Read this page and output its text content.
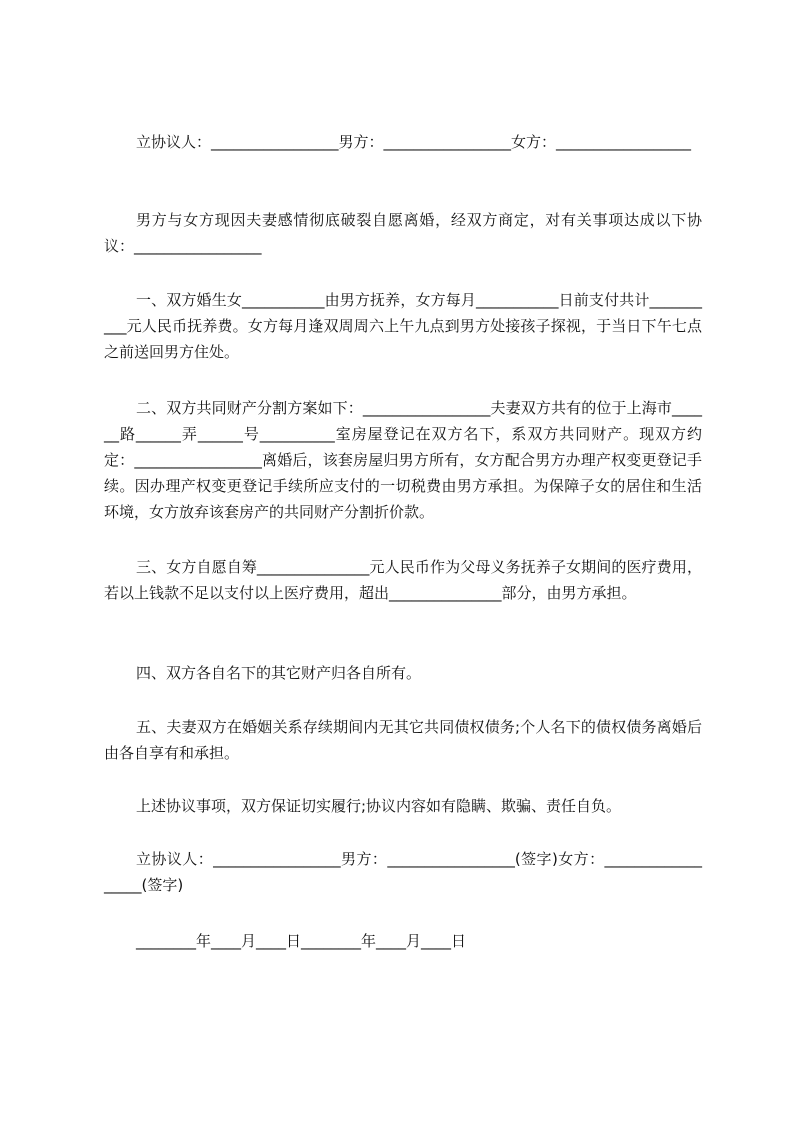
立协议人：_________________男方：_________________女方：__________________

男方与女方现因夫妻感情彻底破裂自愿离婚，经双方商定，对有关事项达成以下协议：_________________

一、双方婚生女___________由男方抚养，女方每月___________日前支付共计__________元人民币抚养费。女方每月逢双周周六上午九点到男方处接孩子探视，于当日下午七点之前送回男方住处。

二、双方共同财产分割方案如下：_________________夫妻双方共有的位于上海市______路______弄______号__________室房屋登记在双方名下，系双方共同财产。现双方约定：_________________离婚后，该套房屋归男方所有，女方配合男方办理产权变更登记手续。因办理产权变更登记手续所应支付的一切税费由男方承担。为保障子女的居住和生活环境，女方放弃该套房产的共同财产分割折价款。

三、女方自愿自筹_______________元人民币作为父母义务抚养子女期间的医疗费用，若以上钱款不足以支付以上医疗费用，超出_______________部分，由男方承担。

四、双方各自名下的其它财产归各自所有。

五、夫妻双方在婚姻关系存续期间内无其它共同债权债务;个人名下的债权债务离婚后由各自享有和承担。

上述协议事项，双方保证切实履行;协议内容如有隐瞒、欺骗、责任自负。

立协议人：_________________男方：_________________(签字)女方：__________________(签字)

________年____月____日________年____月____日
